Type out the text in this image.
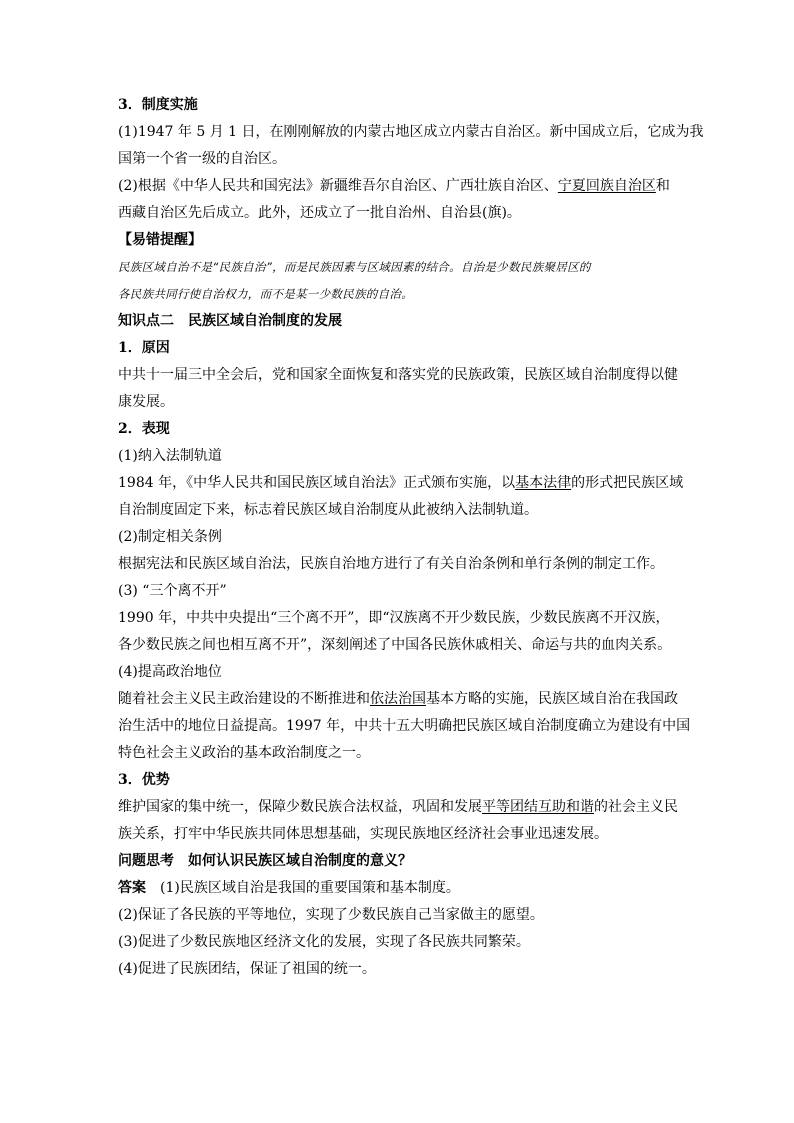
3．制度实施
(1)1947 年 5 月 1 日，在刚刚解放的内蒙古地区成立内蒙古自治区。新中国成立后，它成为我
国第一个省一级的自治区。
(2)根据《中华人民共和国宪法》新疆维吾尔自治区、广西壮族自治区、宁夏回族自治区和
西藏自治区先后成立。此外，还成立了一批自治州、自治县(旗)。
【易错提醒】
民族区域自治不是“民族自治”，而是民族因素与区域因素的结合。自治是少数民族聚居区的
各民族共同行使自治权力，而不是某一少数民族的自治。
知识点二 民族区域自治制度的发展
1．原因
中共十一届三中全会后，党和国家全面恢复和落实党的民族政策，民族区域自治制度得以健
康发展。
2．表现
(1)纳入法制轨道
1984 年，《中华人民共和国民族区域自治法》正式颁布实施，以基本法律的形式把民族区域
自治制度固定下来，标志着民族区域自治制度从此被纳入法制轨道。
(2)制定相关条例
根据宪法和民族区域自治法，民族自治地方进行了有关自治条例和单行条例的制定工作。
(3) “三个离不开”
1990 年，中共中央提出“三个离不开”，即“汉族离不开少数民族，少数民族离不开汉族，
各少数民族之间也相互离不开”，深刻阐述了中国各民族休戚相关、命运与共的血肉关系。
(4)提高政治地位
随着社会主义民主政治建设的不断推进和依法治国基本方略的实施，民族区域自治在我国政
治生活中的地位日益提高。1997 年，中共十五大明确把民族区域自治制度确立为建设有中国
特色社会主义政治的基本政治制度之一。
3．优势
维护国家的集中统一，保障少数民族合法权益，巩固和发展平等团结互助和谐的社会主义民
族关系，打牢中华民族共同体思想基础，实现民族地区经济社会事业迅速发展。
问题思考 如何认识民族区域自治制度的意义？
答案 (1)民族区域自治是我国的重要国策和基本制度。
(2)保证了各民族的平等地位，实现了少数民族自己当家做主的愿望。
(3)促进了少数民族地区经济文化的发展，实现了各民族共同繁荣。
(4)促进了民族团结，保证了祖国的统一。
